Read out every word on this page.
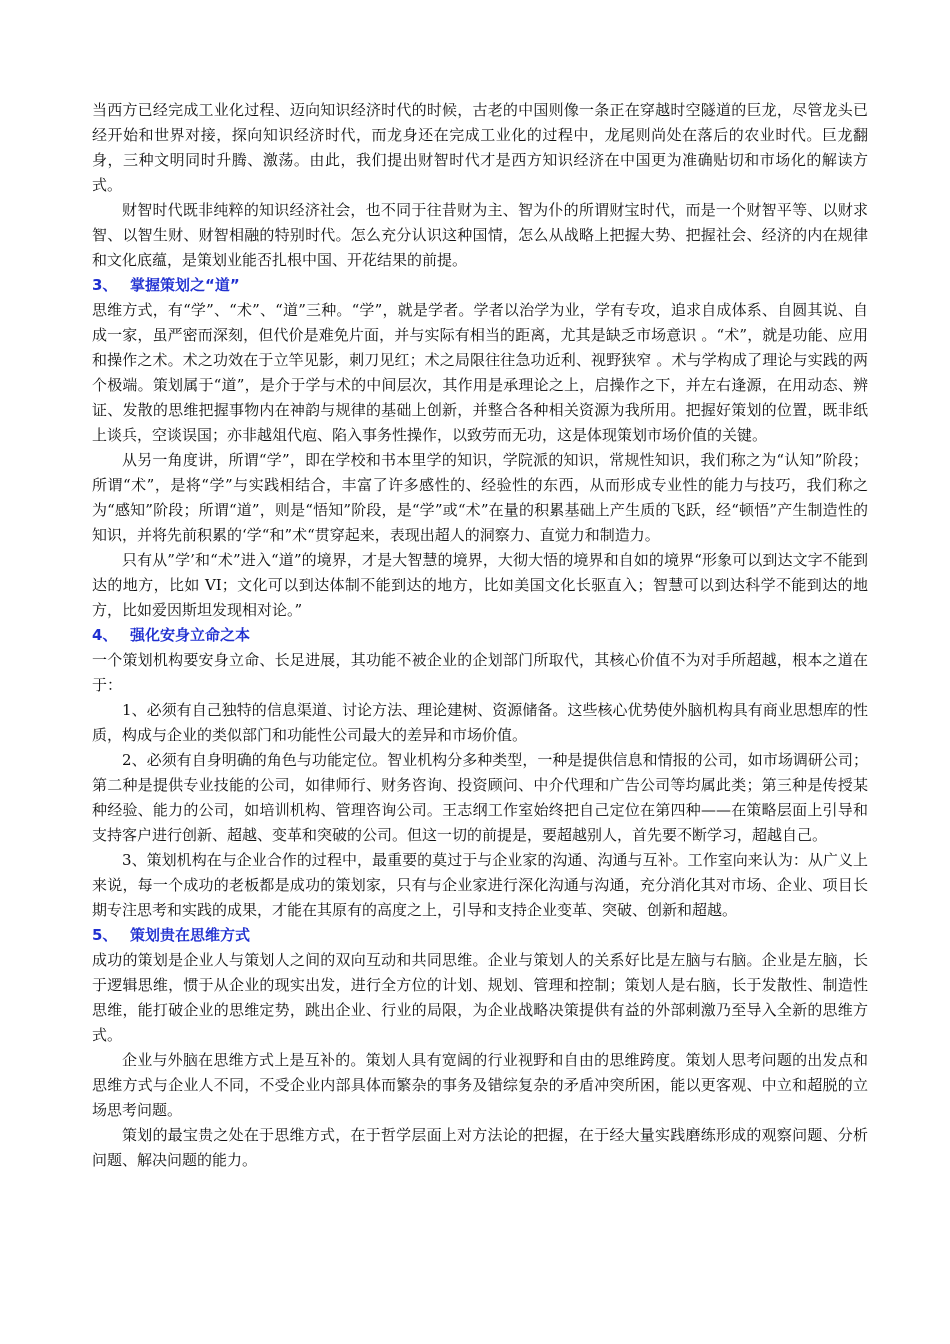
当西方已经完成工业化过程、迈向知识经济时代的时候，古老的中国则像一条正在穿越时空隧道的巨龙，尽管龙头已经开始和世界对接，探向知识经济时代，而龙身还在完成工业化的过程中，龙尾则尚处在落后的农业时代。巨龙翻身，三种文明同时升腾、激荡。由此，我们提出财智时代才是西方知识经济在中国更为准确贴切和市场化的解读方式。

财智时代既非纯粹的知识经济社会，也不同于往昔财为主、智为仆的所谓财宝时代，而是一个财智平等、以财求智、以智生财、财智相融的特别时代。怎么充分认识这种国情，怎么从战略上把握大势、把握社会、经济的内在规律和文化底蕴，是策划业能否扎根中国、开花结果的前提。

3、 掌握策划之“道”

思维方式，有“学”、“术”、“道”三种。“学”，就是学者。学者以治学为业，学有专攻，追求自成体系、自圆其说、自成一家，虽严密而深刻，但代价是难免片面，并与实际有相当的距离，尤其是缺乏市场意识 。“术”，就是功能、应用和操作之术。术之功效在于立竿见影，刺刀见红；术之局限往往急功近利、视野狭窄 。术与学构成了理论与实践的两个极端。策划属于“道”，是介于学与术的中间层次，其作用是承理论之上，启操作之下，并左右逢源，在用动态、辨证、发散的思维把握事物内在神韵与规律的基础上创新，并整合各种相关资源为我所用。把握好策划的位置，既非纸上谈兵，空谈误国；亦非越俎代庖、陷入事务性操作，以致劳而无功，这是体现策划市场价值的关键。

从另一角度讲，所谓“学”，即在学校和书本里学的知识，学院派的知识，常规性知识，我们称之为“认知”阶段；所谓“术”，是将“学”与实践相结合，丰富了许多感性的、经验性的东西，从而形成专业性的能力与技巧，我们称之为“感知”阶段；所谓“道”，则是“悟知”阶段，是“学”或“术”在量的积累基础上产生质的飞跃，经“顿悟”产生制造性的知识，并将先前积累的‘学“和”术“贯穿起来，表现出超人的洞察力、直觉力和制造力。

只有从”学’和“术”进入“道”的境界，才是大智慧的境界，大彻大悟的境界和自如的境界“形象可以到达文字不能到达的地方，比如 VI；文化可以到达体制不能到达的地方，比如美国文化长驱直入；智慧可以到达科学不能到达的地方，比如爱因斯坦发现相对论。”

4、 强化安身立命之本

一个策划机构要安身立命、长足进展，其功能不被企业的企划部门所取代，其核心价值不为对手所超越，根本之道在于：

1、必须有自己独特的信息渠道、讨论方法、理论建树、资源储备。这些核心优势使外脑机构具有商业思想库的性质，构成与企业的类似部门和功能性公司最大的差异和市场价值。

2、必须有自身明确的角色与功能定位。智业机构分多种类型，一种是提供信息和情报的公司，如市场调研公司；第二种是提供专业技能的公司，如律师行、财务咨询、投资顾问、中介代理和广告公司等均属此类；第三种是传授某种经验、能力的公司，如培训机构、管理咨询公司。王志纲工作室始终把自己定位在第四种——在策略层面上引导和支持客户进行创新、超越、变革和突破的公司。但这一切的前提是，要超越别人，首先要不断学习，超越自己。

3、策划机构在与企业合作的过程中，最重要的莫过于与企业家的沟通、沟通与互补。工作室向来认为：从广义上来说，每一个成功的老板都是成功的策划家，只有与企业家进行深化沟通与沟通，充分消化其对市场、企业、项目长期专注思考和实践的成果，才能在其原有的高度之上，引导和支持企业变革、突破、创新和超越。

5、 策划贵在思维方式

成功的策划是企业人与策划人之间的双向互动和共同思维。企业与策划人的关系好比是左脑与右脑。企业是左脑，长于逻辑思维，惯于从企业的现实出发，进行全方位的计划、规划、管理和控制；策划人是右脑，长于发散性、制造性思维，能打破企业的思维定势，跳出企业、行业的局限，为企业战略决策提供有益的外部刺激乃至导入全新的思维方式。

企业与外脑在思维方式上是互补的。策划人具有宽阔的行业视野和自由的思维跨度。策划人思考问题的出发点和思维方式与企业人不同，不受企业内部具体而繁杂的事务及错综复杂的矛盾冲突所困，能以更客观、中立和超脱的立场思考问题。

策划的最宝贵之处在于思维方式，在于哲学层面上对方法论的把握，在于经大量实践磨练形成的观察问题、分析问题、解决问题的能力。
